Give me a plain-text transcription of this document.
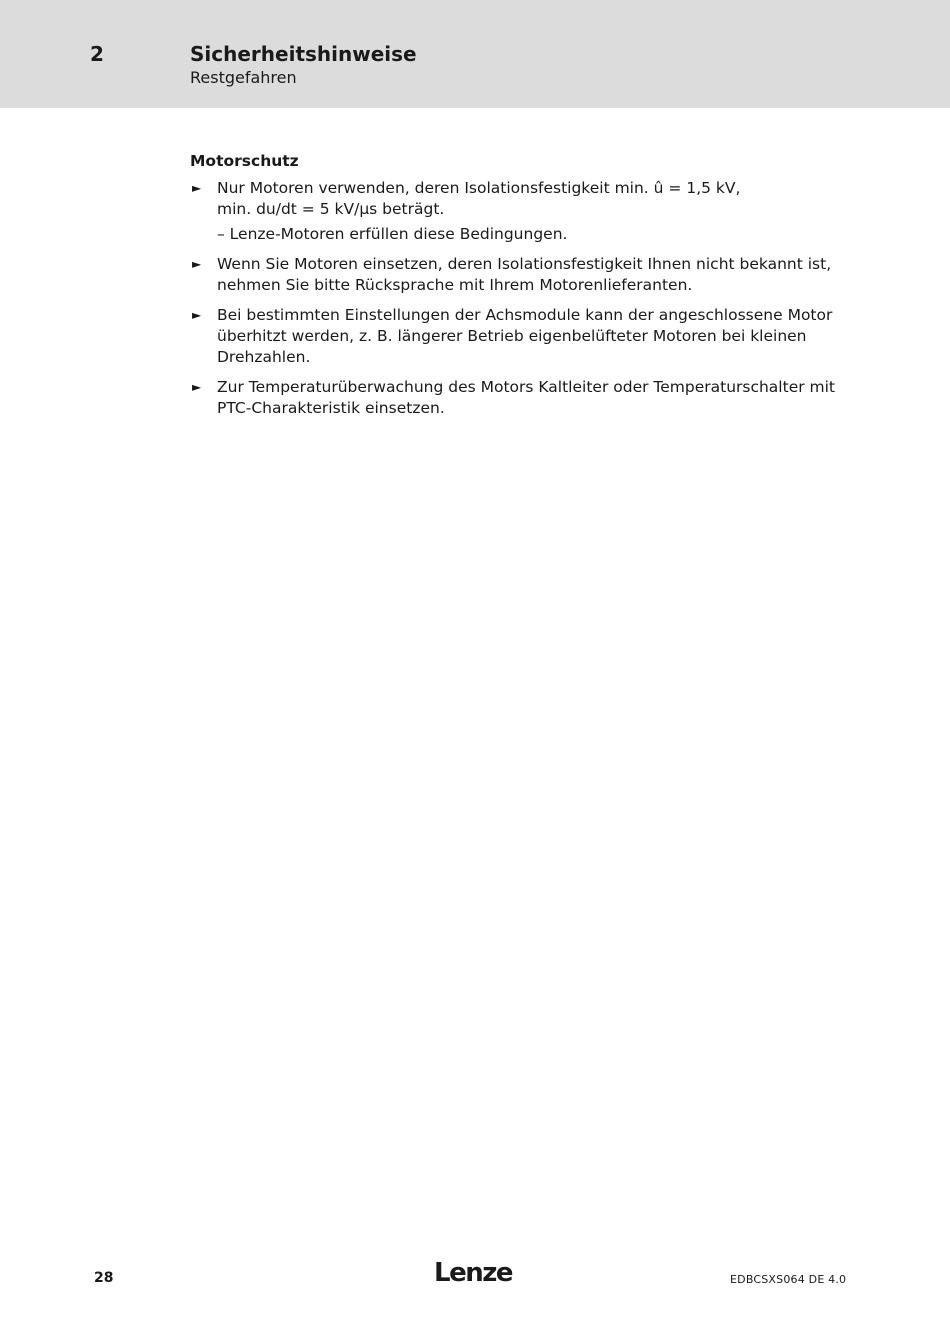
2	Sicherheitshinweise
Restgefahren
Motorschutz
► Nur Motoren verwenden, deren Isolationsfestigkeit min. û = 1,5 kV,
min. du/dt = 5 kV/µs beträgt.
– Lenze-Motoren erfüllen diese Bedingungen.
► Wenn Sie Motoren einsetzen, deren Isolationsfestigkeit Ihnen nicht bekannt ist,
nehmen Sie bitte Rücksprache mit Ihrem Motorenlieferanten.
► Bei bestimmten Einstellungen der Achsmodule kann der angeschlossene Motor
überhitzt werden, z. B. längerer Betrieb eigenbelüfteter Motoren bei kleinen
Drehzahlen.
► Zur Temperaturüberwachung des Motors Kaltleiter oder Temperaturschalter mit
PTC-Charakteristik einsetzen.
28	Lenze	EDBCSXS064 DE 4.0
